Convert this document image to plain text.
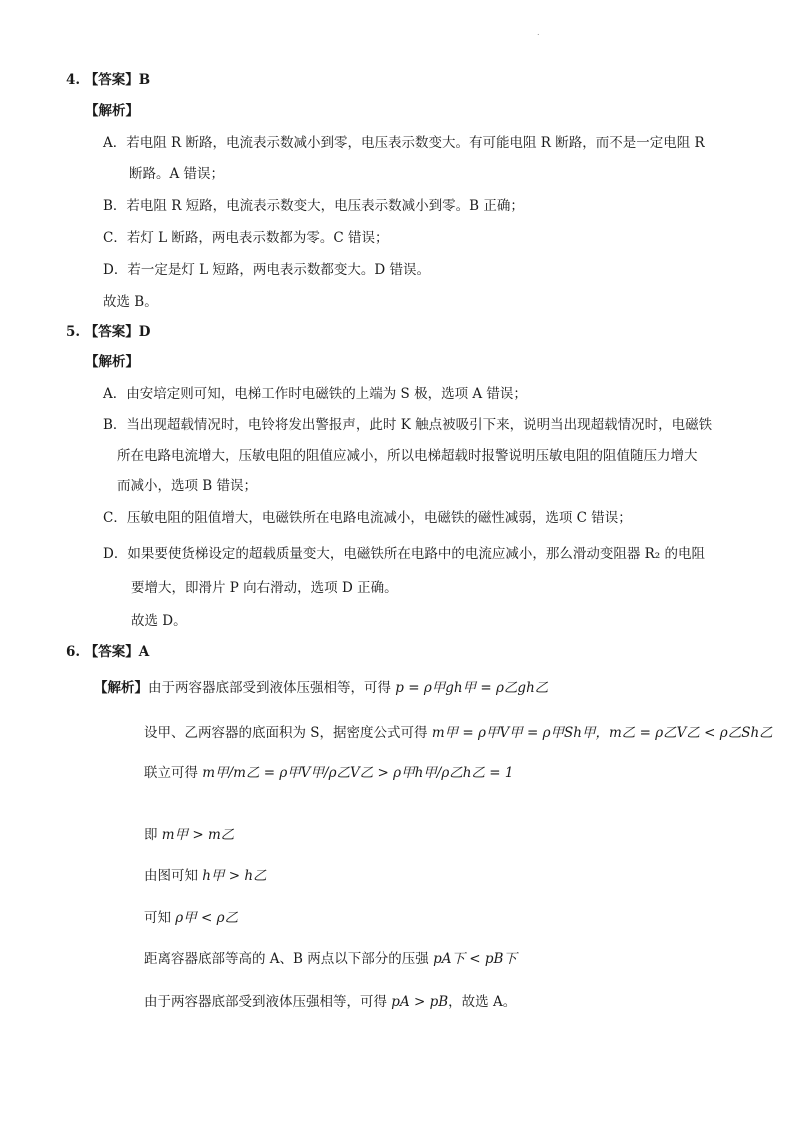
.
4. 【答案】B
【解析】
A．若电阻 R 断路，电流表示数减小到零，电压表示数变大。有可能电阻 R 断路，而不是一定电阻 R
断路。A 错误；
B．若电阻 R 短路，电流表示数变大，电压表示数减小到零。B 正确；
C．若灯 L 断路，两电表示数都为零。C 错误；
D．若一定是灯 L 短路，两电表示数都变大。D 错误。
故选 B。
5. 【答案】D
【解析】
A．由安培定则可知，电梯工作时电磁铁的上端为 S 极，选项 A 错误；
B．当出现超载情况时，电铃将发出警报声，此时 K 触点被吸引下来，说明当出现超载情况时，电磁铁
所在电路电流增大，压敏电阻的阻值应减小，所以电梯超载时报警说明压敏电阻的阻值随压力增大
而减小，选项 B 错误；
C．压敏电阻的阻值增大，电磁铁所在电路电流减小，电磁铁的磁性减弱，选项 C 错误；
D．如果要使货梯设定的超载质量变大，电磁铁所在电路中的电流应减小，那么滑动变阻器 R₂ 的电阻
要增大，即滑片 P 向右滑动，选项 D 正确。
故选 D。
6. 【答案】A
【解析】由于两容器底部受到液体压强相等，可得 p = ρ甲gh甲 = ρ乙gh乙
设甲、乙两容器的底面积为 S，据密度公式可得 m甲 = ρ甲V甲 = ρ甲Sh甲，m乙 = ρ乙V乙 < ρ乙Sh乙
联立可得 m甲/m乙 = ρ甲V甲/ρ乙V乙 > ρ甲h甲/ρ乙h乙 = 1
即 m甲 > m乙
由图可知 h甲 > h乙
可知 ρ甲 < ρ乙
距离容器底部等高的 A、B 两点以下部分的压强 pA下 < pB下
由于两容器底部受到液体压强相等，可得 pA > pB，故选 A。
